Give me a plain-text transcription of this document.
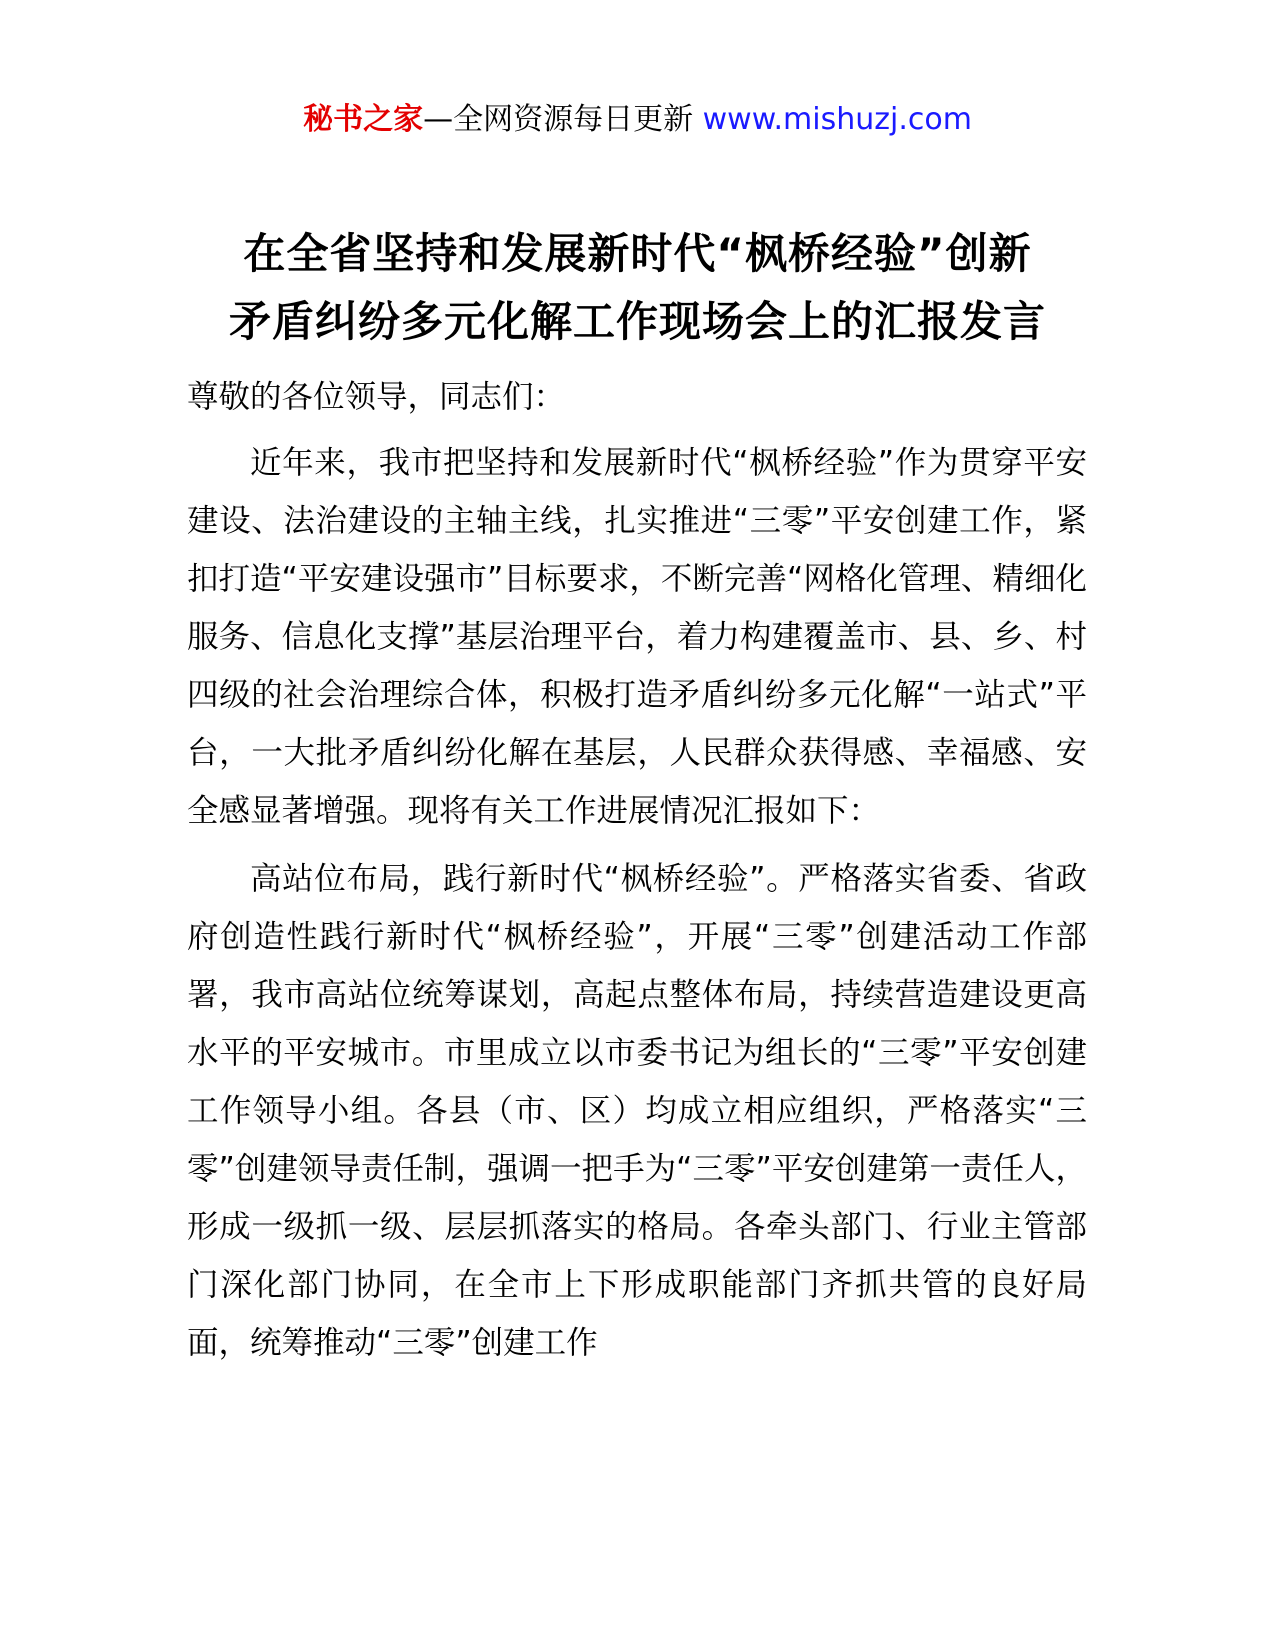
秘书之家—全网资源每日更新 www.mishuzj.com
在全省坚持和发展新时代“枫桥经验”创新
矛盾纠纷多元化解工作现场会上的汇报发言

尊敬的各位领导，同志们：

近年来，我市把坚持和发展新时代“枫桥经验”作为贯穿平安建设、法治建设的主轴主线，扎实推进“三零”平安创建工作，紧扣打造“平安建设强市”目标要求，不断完善“网格化管理、精细化服务、信息化支撑”基层治理平台，着力构建覆盖市、县、乡、村四级的社会治理综合体，积极打造矛盾纠纷多元化解“一站式”平台，一大批矛盾纠纷化解在基层，人民群众获得感、幸福感、安全感显著增强。现将有关工作进展情况汇报如下：

高站位布局，践行新时代“枫桥经验”。严格落实省委、省政府创造性践行新时代“枫桥经验”，开展“三零”创建活动工作部署，我市高站位统筹谋划，高起点整体布局，持续营造建设更高水平的平安城市。市里成立以市委书记为组长的“三零”平安创建工作领导小组。各县（市、区）均成立相应组织，严格落实“三零”创建领导责任制，强调一把手为“三零”平安创建第一责任人，形成一级抓一级、层层抓落实的格局。各牵头部门、行业主管部门深化部门协同，在全市上下形成职能部门齐抓共管的良好局面，统筹推动“三零”创建工作
